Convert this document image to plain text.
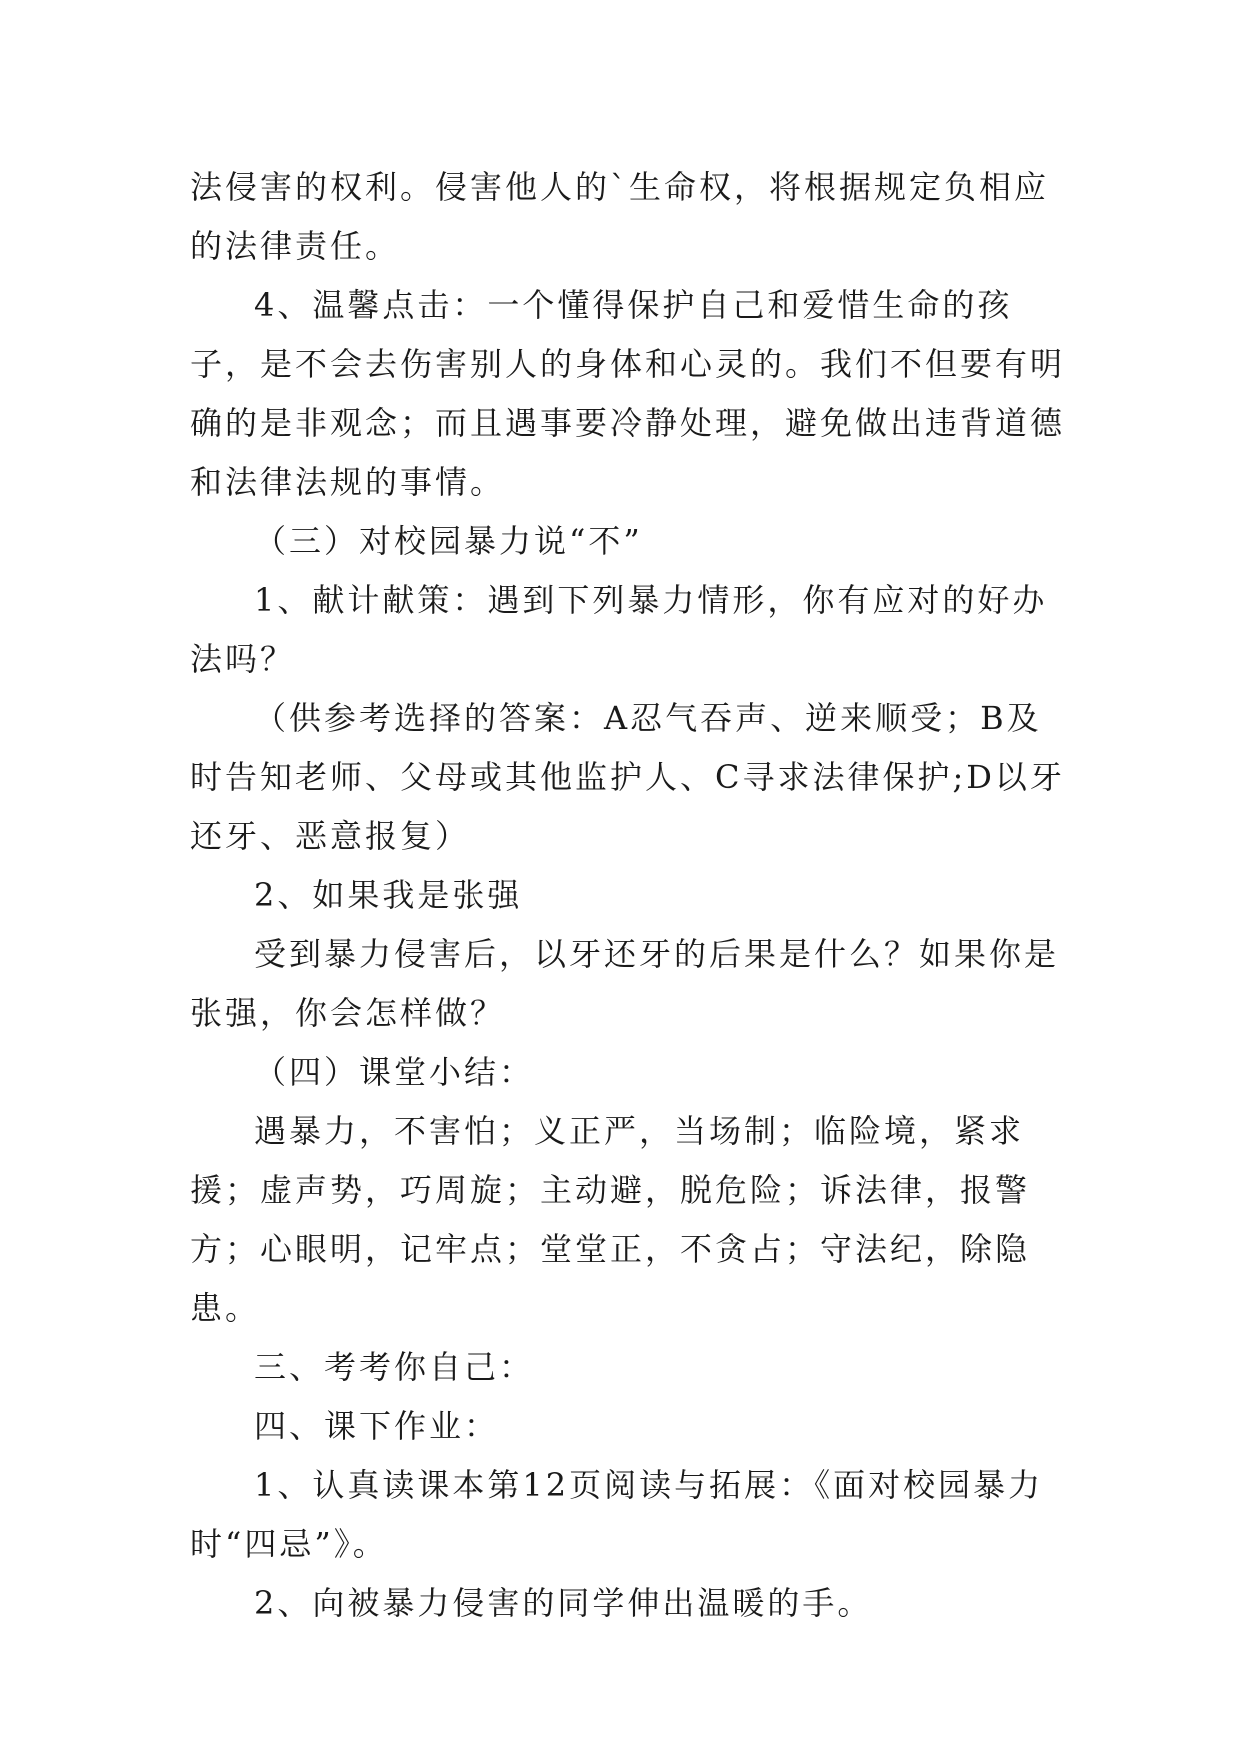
法侵害的权利。侵害他人的`生命权，将根据规定负相应的法律责任。

4、温馨点击：一个懂得保护自己和爱惜生命的孩子，是不会去伤害别人的身体和心灵的。我们不但要有明确的是非观念；而且遇事要冷静处理，避免做出违背道德和法律法规的事情。

（三）对校园暴力说“不”

1、献计献策：遇到下列暴力情形，你有应对的好办法吗？

（供参考选择的答案：A忍气吞声、逆来顺受；B及时告知老师、父母或其他监护人、C寻求法律保护;D以牙还牙、恶意报复）

2、如果我是张强

受到暴力侵害后，以牙还牙的后果是什么？如果你是张强，你会怎样做？

（四）课堂小结：

遇暴力，不害怕；义正严，当场制；临险境，紧求援；虚声势，巧周旋；主动避，脱危险；诉法律，报警方；心眼明，记牢点；堂堂正，不贪占；守法纪，除隐患。

三、考考你自己：

四、课下作业：

1、认真读课本第12页阅读与拓展：《面对校园暴力时“四忌”》。

2、向被暴力侵害的同学伸出温暖的手。
